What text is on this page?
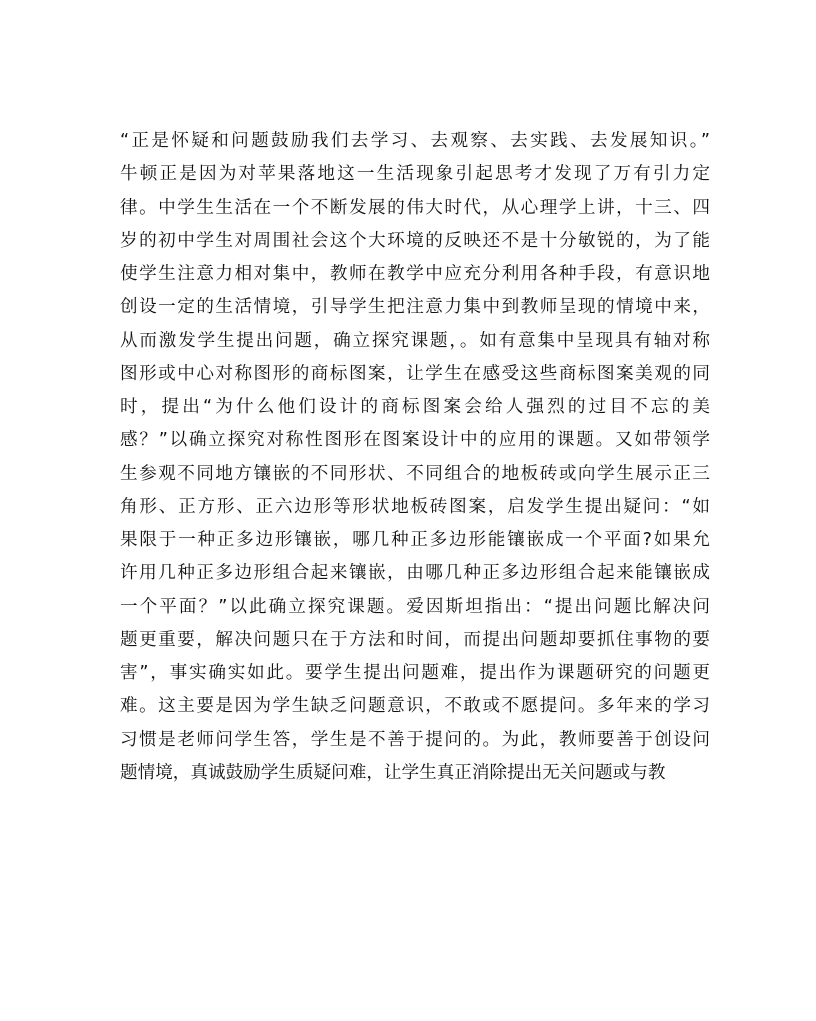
“正是怀疑和问题鼓励我们去学习、去观察、去实践、去发展知识。”
牛顿正是因为对苹果落地这一生活现象引起思考才发现了万有引力定
律。中学生生活在一个不断发展的伟大时代，从心理学上讲，十三、四
岁的初中学生对周围社会这个大环境的反映还不是十分敏锐的，为了能
使学生注意力相对集中，教师在教学中应充分利用各种手段，有意识地
创设一定的生活情境，引导学生把注意力集中到教师呈现的情境中来，
从而激发学生提出问题，确立探究课题，。如有意集中呈现具有轴对称
图形或中心对称图形的商标图案，让学生在感受这些商标图案美观的同
时，提出“为什么他们设计的商标图案会给人强烈的过目不忘的美
感？”以确立探究对称性图形在图案设计中的应用的课题。又如带领学
生参观不同地方镶嵌的不同形状、不同组合的地板砖或向学生展示正三
角形、正方形、正六边形等形状地板砖图案，启发学生提出疑问：“如
果限于一种正多边形镶嵌，哪几种正多边形能镶嵌成一个平面?如果允
许用几种正多边形组合起来镶嵌，由哪几种正多边形组合起来能镶嵌成
一个平面？”以此确立探究课题。爱因斯坦指出：“提出问题比解决问
题更重要，解决问题只在于方法和时间，而提出问题却要抓住事物的要
害”，事实确实如此。要学生提出问题难，提出作为课题研究的问题更
难。这主要是因为学生缺乏问题意识，不敢或不愿提问。多年来的学习
习惯是老师问学生答，学生是不善于提问的。为此，教师要善于创设问
题情境，真诚鼓励学生质疑问难，让学生真正消除提出无关问题或与教
